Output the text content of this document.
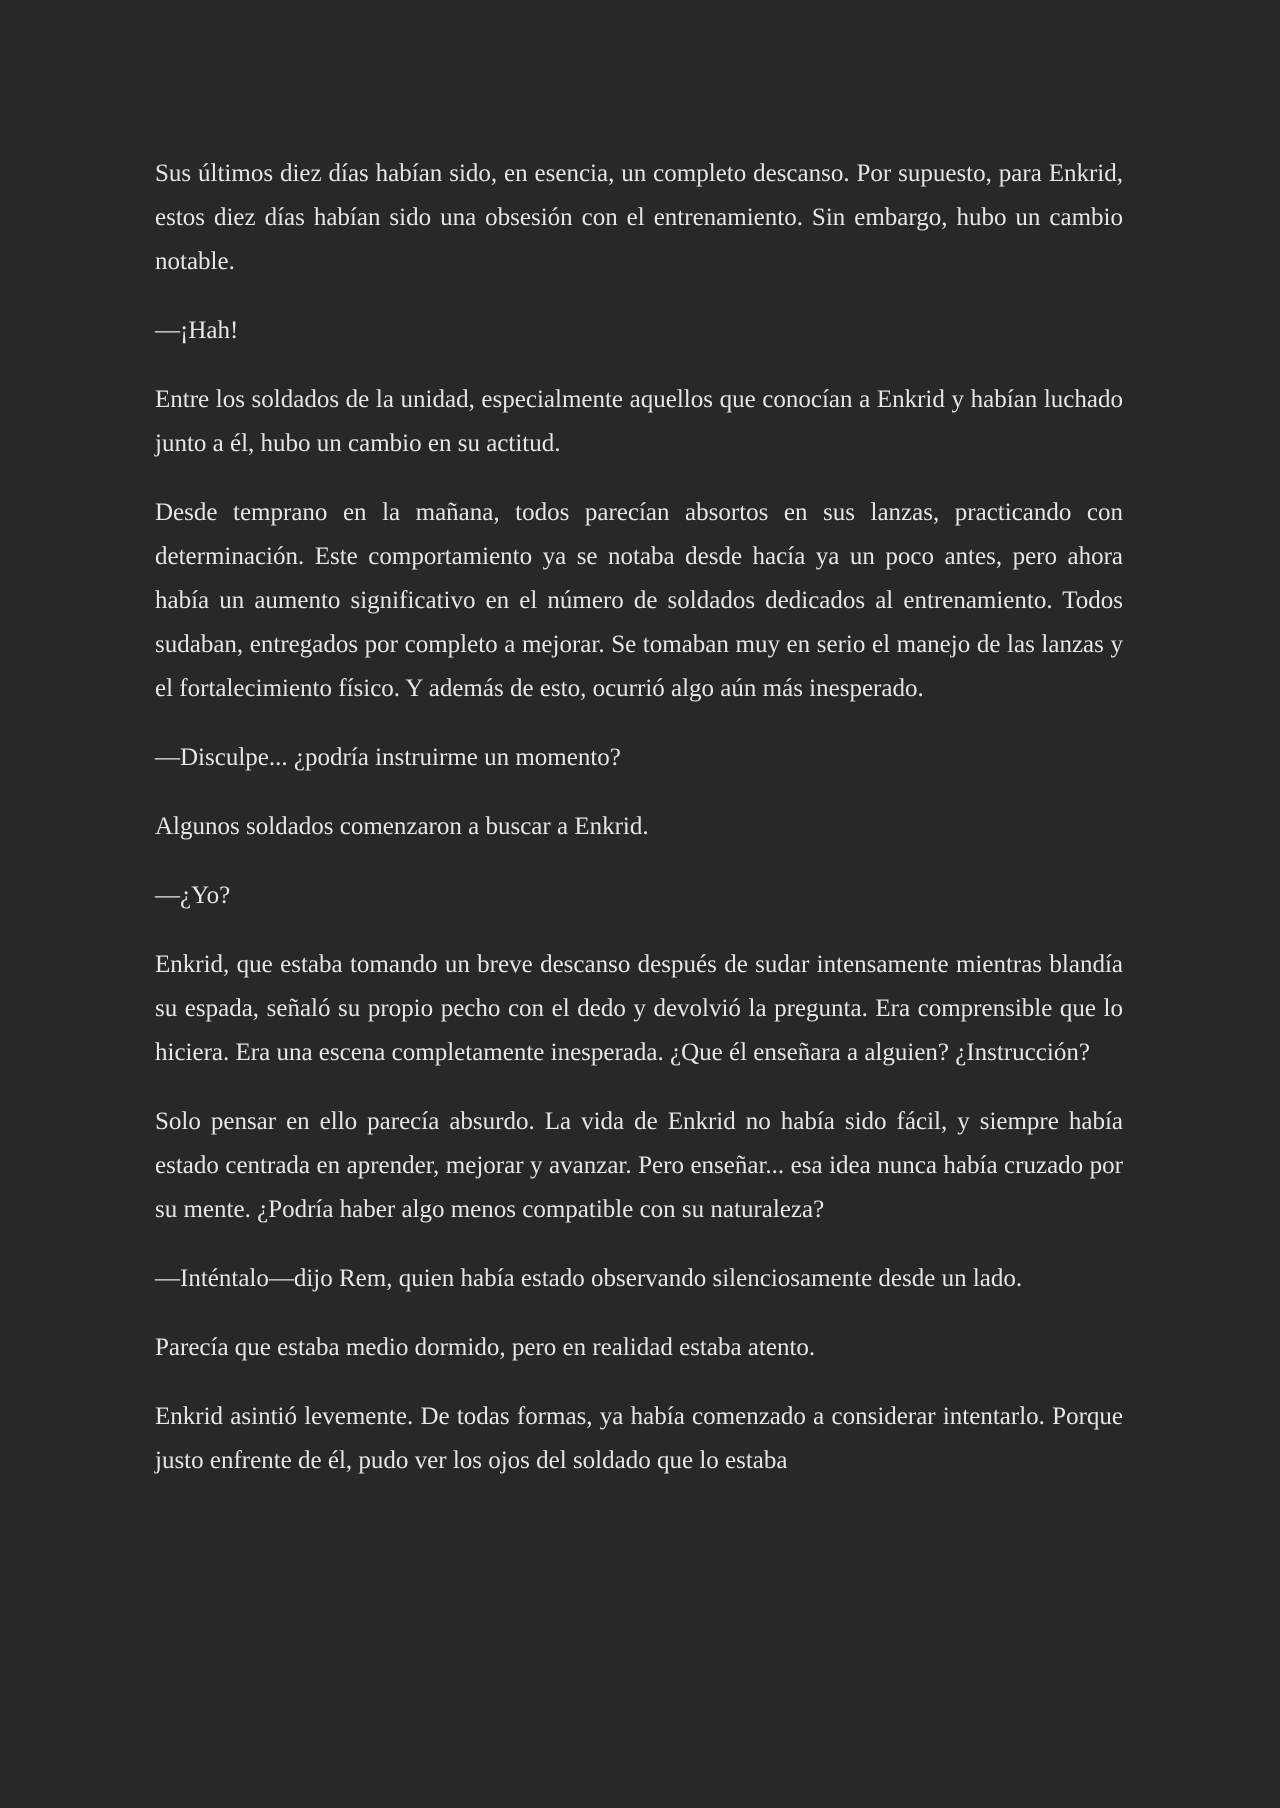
Sus últimos diez días habían sido, en esencia, un completo descanso. Por supuesto, para Enkrid, estos diez días habían sido una obsesión con el entrenamiento. Sin embargo, hubo un cambio notable.

—¡Hah!

Entre los soldados de la unidad, especialmente aquellos que conocían a Enkrid y habían luchado junto a él, hubo un cambio en su actitud.

Desde temprano en la mañana, todos parecían absortos en sus lanzas, practicando con determinación. Este comportamiento ya se notaba desde hacía ya un poco antes, pero ahora había un aumento significativo en el número de soldados dedicados al entrenamiento. Todos sudaban, entregados por completo a mejorar. Se tomaban muy en serio el manejo de las lanzas y el fortalecimiento físico. Y además de esto, ocurrió algo aún más inesperado.

—Disculpe... ¿podría instruirme un momento?

Algunos soldados comenzaron a buscar a Enkrid.

—¿Yo?

Enkrid, que estaba tomando un breve descanso después de sudar intensamente mientras blandía su espada, señaló su propio pecho con el dedo y devolvió la pregunta. Era comprensible que lo hiciera. Era una escena completamente inesperada. ¿Que él enseñara a alguien? ¿Instrucción?

Solo pensar en ello parecía absurdo. La vida de Enkrid no había sido fácil, y siempre había estado centrada en aprender, mejorar y avanzar. Pero enseñar... esa idea nunca había cruzado por su mente. ¿Podría haber algo menos compatible con su naturaleza?

—Inténtalo—dijo Rem, quien había estado observando silenciosamente desde un lado.

Parecía que estaba medio dormido, pero en realidad estaba atento.

Enkrid asintió levemente. De todas formas, ya había comenzado a considerar intentarlo. Porque justo enfrente de él, pudo ver los ojos del soldado que lo estaba
